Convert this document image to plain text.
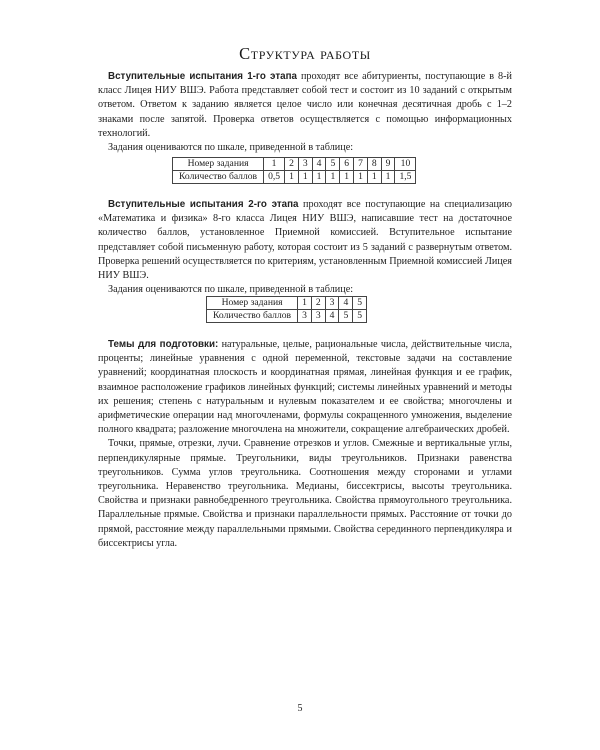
Структура работы

Вступительные испытания 1-го этапа проходят все абитуриенты, поступающие в 8-й класс Лицея НИУ ВШЭ. Работа представляет собой тест и состоит из 10 заданий с открытым ответом. Ответом к заданию является целое число или конечная десятичная дробь с 1–2 знаками после запятой. Проверка ответов осуществляется с помощью информационных технологий.

Задания оцениваются по шкале, приведенной в таблице:

Номер задания	1	2	3	4	5	6	7	8	9	10
Количество баллов	0,5	1	1	1	1	1	1	1	1	1,5

Вступительные испытания 2-го этапа проходят все поступающие на специализацию «Математика и физика» 8-го класса Лицея НИУ ВШЭ, написавшие тест на достаточное количество баллов, установленное Приемной комиссией. Вступительное испытание представляет собой письменную работу, которая состоит из 5 заданий с развернутым ответом. Проверка решений осуществляется по критериям, установленным Приемной комиссией Лицея НИУ ВШЭ.

Задания оцениваются по шкале, приведенной в таблице:

Номер задания	1	2	3	4	5
Количество баллов	3	3	4	5	5

Темы для подготовки: натуральные, целые, рациональные числа, действительные числа, проценты; линейные уравнения с одной переменной, текстовые задачи на составление уравнений; координатная плоскость и координатная прямая, линейная функция и ее график, взаимное расположение графиков линейных функций; системы линейных уравнений и методы их решения; степень с натуральным и нулевым показателем и ее свойства; многочлены и арифметические операции над многочленами, формулы сокращенного умножения, выделение полного квадрата; разложение многочлена на множители, сокращение алгебраических дробей.

Точки, прямые, отрезки, лучи. Сравнение отрезков и углов. Смежные и вертикальные углы, перпендикулярные прямые. Треугольники, виды треугольников. Признаки равенства треугольников. Сумма углов треугольника. Соотношения между сторонами и углами треугольника. Неравенство треугольника. Медианы, биссектрисы, высоты треугольника. Свойства и признаки равнобедренного треугольника. Свойства прямоугольного треугольника. Параллельные прямые. Свойства и признаки параллельности прямых. Расстояние от точки до прямой, расстояние между параллельными прямыми. Свойства серединного перпендикуляра и биссектрисы угла.

5
